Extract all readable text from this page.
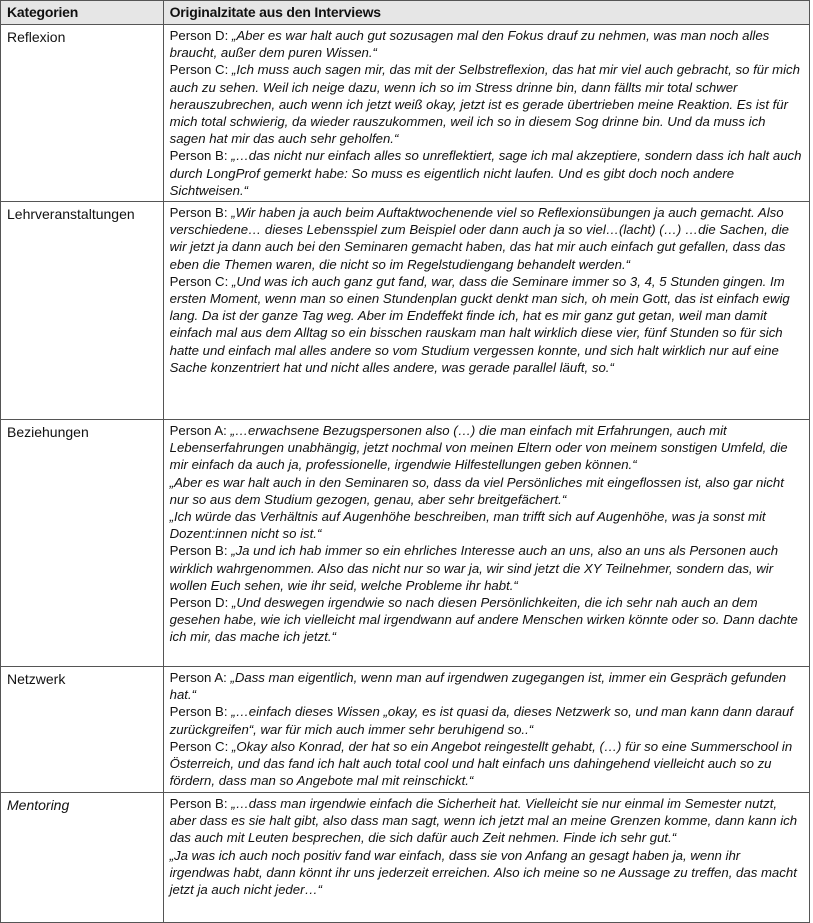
Kategorien	Originalzitate aus den Interviews
Reflexion	Person D: „Aber es war halt auch gut sozusagen mal den Fokus drauf zu nehmen, was man noch alles braucht, außer dem puren Wissen.“

Person C: „Ich muss auch sagen mir, das mit der Selbstreflexion, das hat mir viel auch gebracht, so für mich auch zu sehen. Weil ich neige dazu, wenn ich so im Stress drinne bin, dann fällts mir total schwer herauszubrechen, auch wenn ich jetzt weiß okay, jetzt ist es gerade übertrieben meine Reaktion. Es ist für mich total schwierig, da wieder rauszukommen, weil ich so in diesem Sog drinne bin. Und da muss ich sagen hat mir das auch sehr geholfen.“

Person B: „…das nicht nur einfach alles so unreflektiert, sage ich mal akzeptiere, sondern dass ich halt auch durch LongProf gemerkt habe: So muss es eigentlich nicht laufen. Und es gibt doch noch andere Sichtweisen.“

Lehrveranstaltungen	Person B: „Wir haben ja auch beim Auftaktwochenende viel so Reflexionsübungen ja auch gemacht. Also verschiedene… dieses Lebensspiel zum Beispiel oder dann auch ja so viel…(lacht) (…) …die Sachen, die wir jetzt ja dann auch bei den Seminaren gemacht haben, das hat mir auch einfach gut gefallen, dass das eben die Themen waren, die nicht so im Regelstudiengang behandelt werden.“

Person C: „Und was ich auch ganz gut fand, war, dass die Seminare immer so 3, 4, 5 Stunden gingen. Im ersten Moment, wenn man so einen Stundenplan guckt denkt man sich, oh mein Gott, das ist einfach ewig lang. Da ist der ganze Tag weg. Aber im Endeffekt finde ich, hat es mir ganz gut getan, weil man damit einfach mal aus dem Alltag so ein bisschen rauskam man halt wirklich diese vier, fünf Stunden so für sich hatte und einfach mal alles andere so vom Studium vergessen konnte, und sich halt wirklich nur auf eine Sache konzentriert hat und nicht alles andere, was gerade parallel läuft, so.“

Beziehungen	Person A: „…erwachsene Bezugspersonen also (…) die man einfach mit Erfahrungen, auch mit Lebenserfahrungen unabhängig, jetzt nochmal von meinen Eltern oder von meinem sonstigen Umfeld, die mir einfach da auch ja, professionelle, irgendwie Hilfestellungen geben können.“

„Aber es war halt auch in den Seminaren so, dass da viel Persönliches mit eingeflossen ist, also gar nicht nur so aus dem Studium gezogen, genau, aber sehr breitgefächert.“

„Ich würde das Verhältnis auf Augenhöhe beschreiben, man trifft sich auf Augenhöhe, was ja sonst mit Dozent:innen nicht so ist.“

Person B: „Ja und ich hab immer so ein ehrliches Interesse auch an uns, also an uns als Personen auch wirklich wahrgenommen. Also das nicht nur so war ja, wir sind jetzt die XY Teilnehmer, sondern das, wir wollen Euch sehen, wie ihr seid, welche Probleme ihr habt.“

Person D: „Und deswegen irgendwie so nach diesen Persönlichkeiten, die ich sehr nah auch an dem gesehen habe, wie ich vielleicht mal irgendwann auf andere Menschen wirken könnte oder so. Dann dachte ich mir, das mache ich jetzt.“

Netzwerk	Person A: „Dass man eigentlich, wenn man auf irgendwen zugegangen ist, immer ein Gespräch gefunden hat.“

Person B: „…einfach dieses Wissen „okay, es ist quasi da, dieses Netzwerk so, und man kann dann darauf zurückgreifen“, war für mich auch immer sehr beruhigend so..“

Person C: „Okay also Konrad, der hat so ein Angebot reingestellt gehabt, (…) für so eine Summerschool in Österreich, und das fand ich halt auch total cool und halt einfach uns dahingehend vielleicht auch so zu fördern, dass man so Angebote mal mit reinschickt.“

Mentoring	Person B: „…dass man irgendwie einfach die Sicherheit hat. Vielleicht sie nur einmal im Semester nutzt, aber dass es sie halt gibt, also dass man sagt, wenn ich jetzt mal an meine Grenzen komme, dann kann ich das auch mit Leuten besprechen, die sich dafür auch Zeit nehmen. Finde ich sehr gut.“

„Ja was ich auch noch positiv fand war einfach, dass sie von Anfang an gesagt haben ja, wenn ihr irgendwas habt, dann könnt ihr uns jederzeit erreichen. Also ich meine so ne Aussage zu treffen, das macht jetzt ja auch nicht jeder…“
